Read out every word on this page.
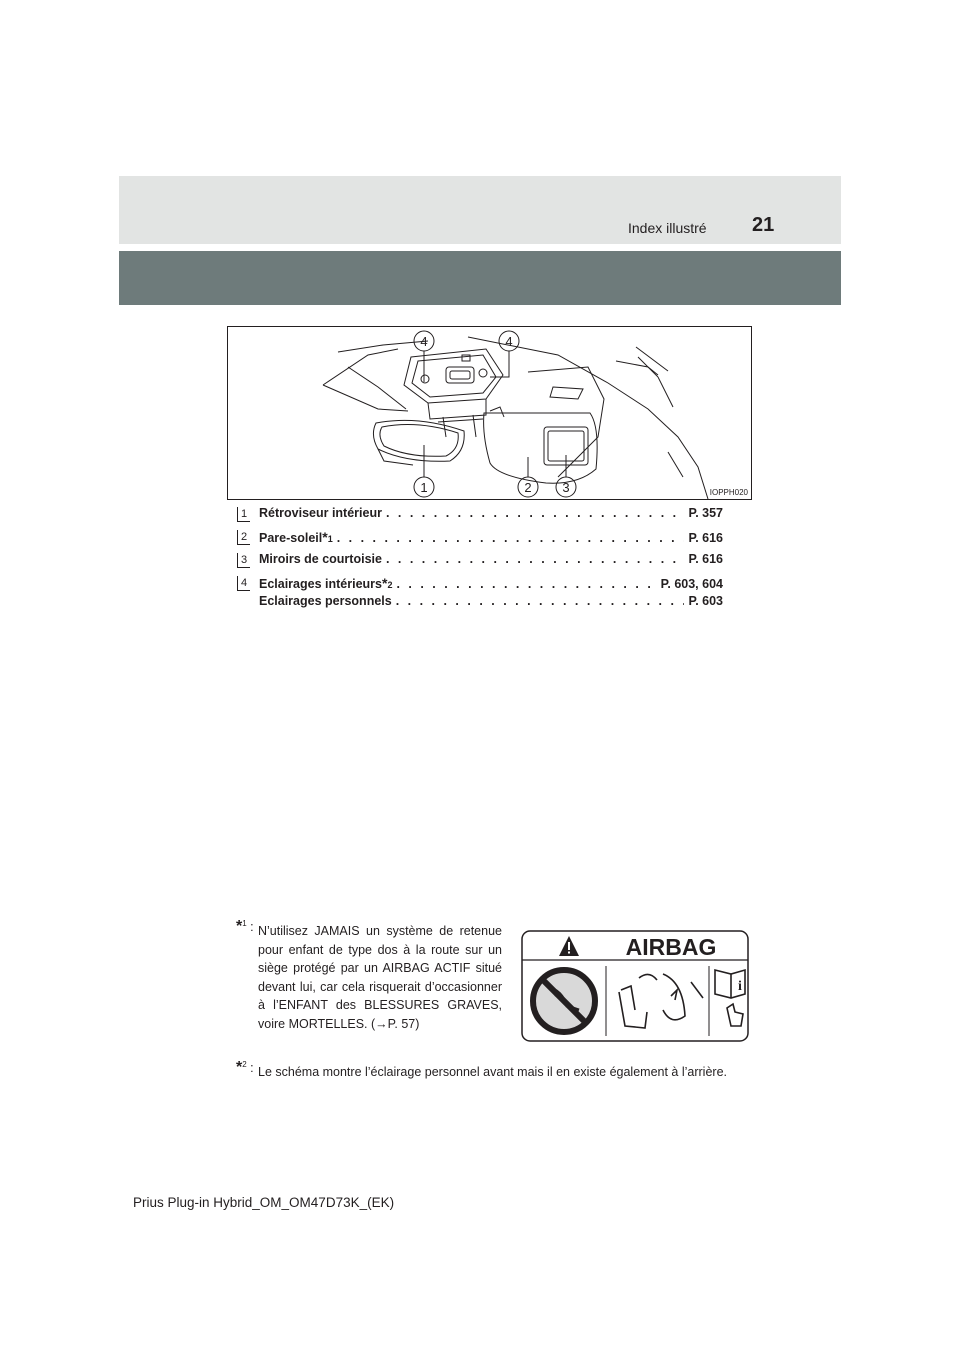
Index illustré 21
4	4
1	2 3	IOPPH020
1 Rétroviseur intérieur . . .	P. 357
2 Pare-soleil * 1 . . .	P. 616
3 Miroirs de courtoisie . . .	P. 616
4 Eclairages intérieurs * 2 . . .	P. 603, 604
Eclairages personnels . . .	P. 603
*$^1$ : N’utilisez JAMAIS un système de retenue pour enfant de type dos à la route sur un siège protégé par un AIRBAG ACTIF situé devant lui, car cela risquerait d’occasionner à l’ENFANT des BLESSURES GRAVES, voire MORTELLES. (→P. 57)
AIRBAG
i
*$^2$ : Le schéma montre l’éclairage personnel avant mais il en existe également à l’arrière.
Prius Plug-in Hybrid_OM_OM47D73K_(EK)
